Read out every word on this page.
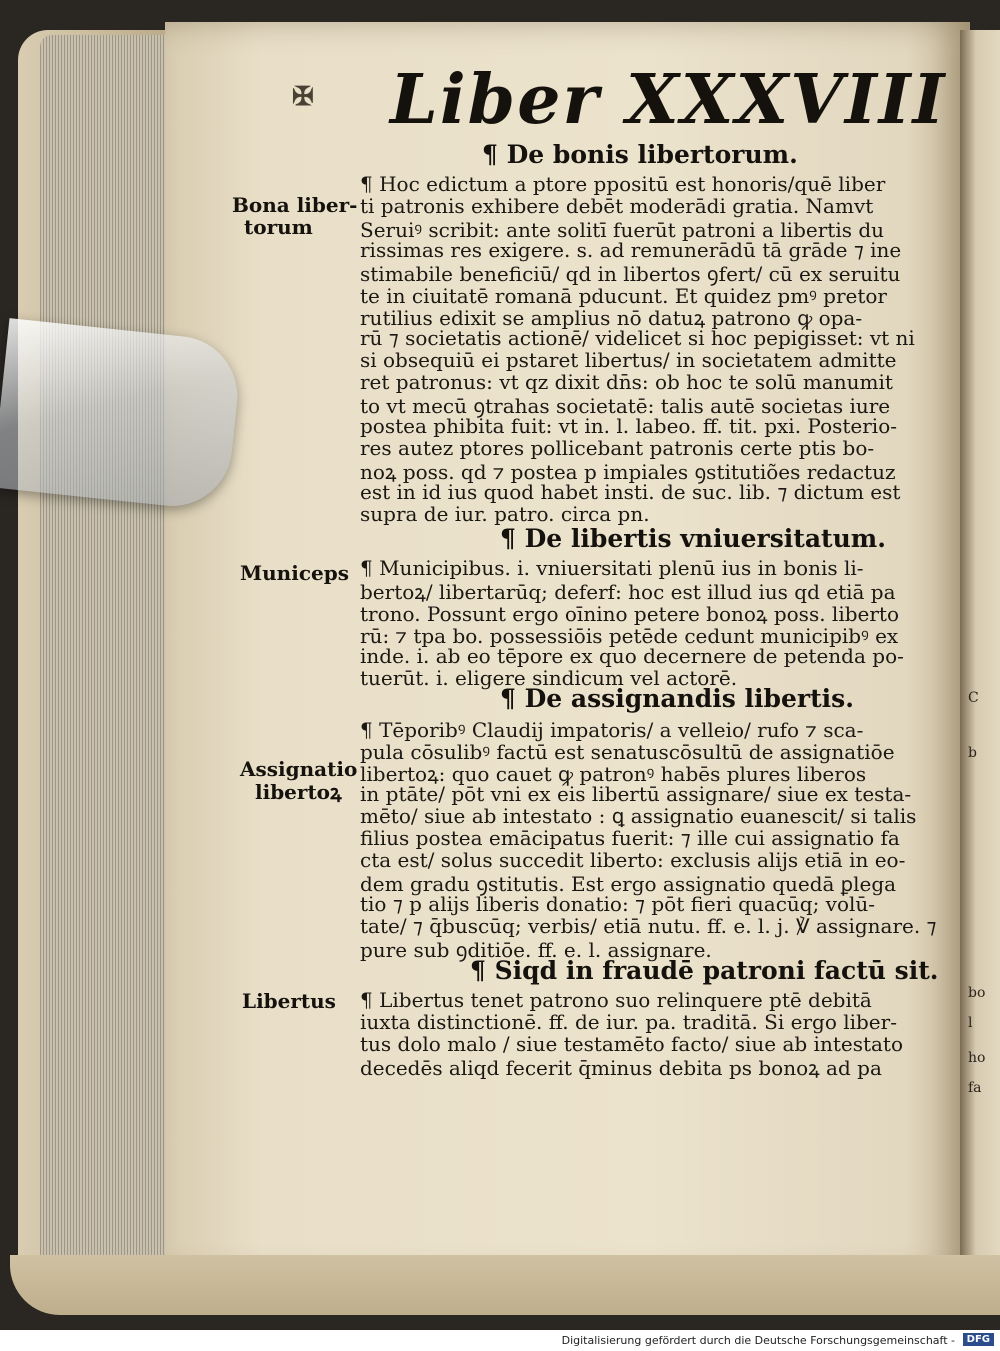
C
b
bo
l
ho
fa
✠ Liber XXXVIII
¶ De bonis libertorum.
Bona liber-
torum
¶ Hoc edictum a ptore ppositū est honoris/quē liber
ti patronis exhibere debēt moderādi gratia. Namvt
Seruiꝰ scribit: ante solitī fuerūt patroni a libertis du
rissimas res exigere. s. ad remunerādū tā grāde ⁊ ine
stimabile beneficiū/ qd in libertos ꝯfert/ cū ex seruitu
te in ciuitatē romanā pducunt. Et quidez pmꝰ pretor
rutilius edixit se amplius nō datuꝝ patrono ꝙ opa-
rū ⁊ societatis actionē/ videlicet si hoc pepigisset: vt ni
si obsequiū ei pstaret libertus/ in societatem admitte
ret patronus: vt qz dixit dn̄s: ob hoc te solū manumit
to vt mecū ꝯtrahas societatē: talis autē societas iure
postea phibita fuit: vt in. l. labeo. ff. tit. pxi. Posterio-
res autez ptores pollicebant patronis certe ptis bo-
noꝝ poss. qd ⁊ postea p impiales ꝯstitutiões redactuz
est in id ius quod habet insti. de suc. lib. ⁊ dictum est
supra de iur. patro. circa pn.
¶ De libertis vniuersitatum.
Municeps ¶ Municipibus. i. vniuersitati plenū ius in bonis li-
bertoꝝ/ libertarūq; deferf: hoc est illud ius qd etiā pa
trono. Possunt ergo oīnino petere bonoꝝ poss. liberto
rū: ⁊ tpa bo. possessiōis petēde cedunt municipibꝰ ex
inde. i. ab eo tēpore ex quo decernere de petenda po-
tuerūt. i. eligere sindicum vel actorē.
¶ De assignandis libertis.
Assignatio
libertoꝝ
¶ Tēporibꝰ Claudij impatoris/ a velleio/ rufo ⁊ sca-
pula cōsulibꝰ factū est senatuscōsultū de assignatiōe
libertoꝝ: quo cauet ꝙ patronꝰ habēs plures liberos
in ptāte/ pōt vni ex eis libertū assignare/ siue ex testa-
mēto/ siue ab intestato : ꝗ assignatio euanescit/ si talis
filius postea emācipatus fuerit: ⁊ ille cui assignatio fa
cta est/ solus succedit liberto: exclusis alijs etiā in eo-
dem gradu ꝯstitutis. Est ergo assignatio quedā ꝑlega
tio ⁊ p alijs liberis donatio: ⁊ pōt fieri quacūq; volū-
tate/ ⁊ q̄buscūq; verbis/ etiā nutu. ff. e. l. j. ℣ assignare. ⁊
pure sub ꝯditiōe. ff. e. l. assignare.
¶ Siqd in fraudē patroni factū sit.
Libertus ¶ Libertus tenet patrono suo relinquere ptē debitā
iuxta distinctionē. ff. de iur. pa. traditā. Si ergo liber-
tus dolo malo / siue testamēto facto/ siue ab intestato
decedēs aliqd fecerit q̄minus debita ps bonoꝝ ad pa
Digitalisierung gefördert durch die Deutsche Forschungsgemeinschaft -	DFG
